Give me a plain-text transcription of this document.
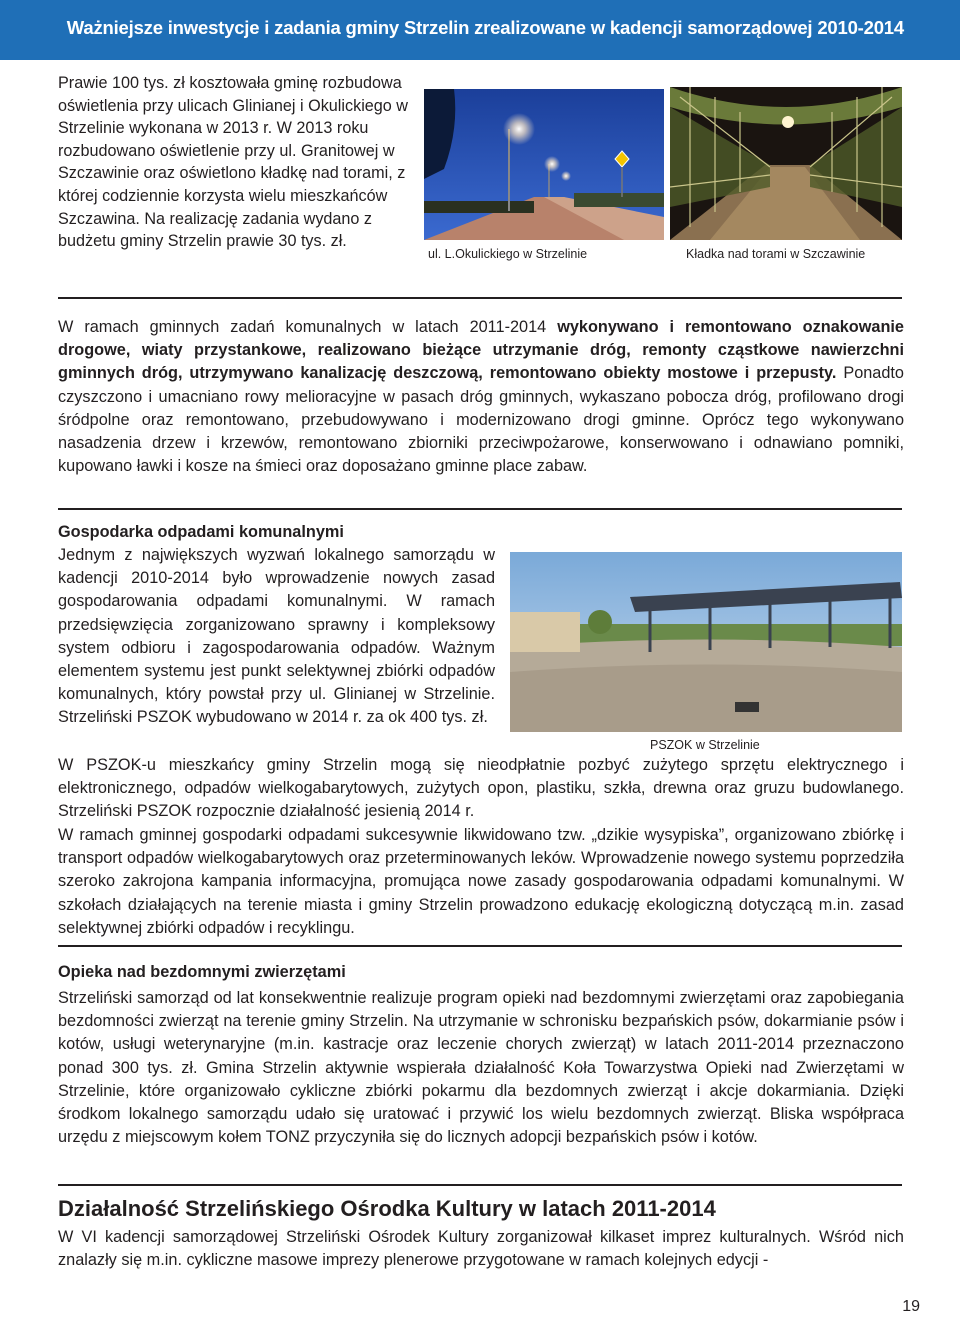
Ważniejsze inwestycje i zadania gminy Strzelin zrealizowane w kadencji samorządowej 2010-2014

Prawie 100 tys. zł kosztowała gminę rozbudowa oświetlenia przy ulicach Glinianej i Okulickiego w Strzelinie wykonana w 2013 r. W 2013 roku rozbudowano oświetlenie przy ul. Granitowej w Szczawinie oraz oświetlono kładkę nad torami, z której codziennie korzysta wielu mieszkańców Szczawina. Na realizację zadania wydano z budżetu gminy Strzelin prawie 30 tys. zł.

ul. L.Okulickiego w Strzelinie	Kładka nad torami w Szczawinie

W ramach gminnych zadań komunalnych w latach 2011-2014 wykonywano i remontowano oznakowanie drogowe, wiaty przystankowe, realizowano bieżące utrzymanie dróg, remonty cząstkowe nawierzchni gminnych dróg, utrzymywano kanalizację deszczową, remontowano obiekty mostowe i przepusty. Ponadto czyszczono i umacniano rowy melioracyjne w pasach dróg gminnych, wykaszano pobocza dróg, profilowano drogi śródpolne oraz remontowano, przebudowywano i modernizowano drogi gminne. Oprócz tego wykonywano nasadzenia drzew i krzewów, remontowano zbiorniki przeciwpożarowe, konserwowano i odnawiano pomniki, kupowano ławki i kosze na śmieci oraz doposażano gminne place zabaw.

Gospodarka odpadami komunalnymi

Jednym z największych wyzwań lokalnego samorządu w kadencji 2010-2014 było wprowadzenie nowych zasad gospodarowania odpadami komunalnymi. W ramach przedsięwzięcia zorganizowano sprawny i kompleksowy system odbioru i zagospodarowania odpadów. Ważnym elementem systemu jest punkt selektywnej zbiórki odpadów komunalnych, który powstał przy ul. Glinianej w Strzelinie. Strzeliński PSZOK wybudowano w 2014 r. za ok 400 tys. zł.

PSZOK w Strzelinie

W PSZOK-u mieszkańcy gminy Strzelin mogą się nieodpłatnie pozbyć zużytego sprzętu elektrycznego i elektronicznego, odpadów wielkogabarytowych, zużytych opon, plastiku, szkła, drewna oraz gruzu budowlanego. Strzeliński PSZOK rozpocznie działalność jesienią 2014 r.

W ramach gminnej gospodarki odpadami sukcesywnie likwidowano tzw. „dzikie wysypiska”, organizowano zbiórkę i transport odpadów wielkogabarytowych oraz przeterminowanych leków. Wprowadzenie nowego systemu poprzedziła szeroko zakrojona kampania informacyjna, promująca nowe zasady gospodarowania odpadami komunalnymi. W szkołach działających na terenie miasta i gminy Strzelin prowadzono edukację ekologiczną dotyczącą m.in. zasad selektywnej zbiórki odpadów i recyklingu.

Opieka nad bezdomnymi zwierzętami

Strzeliński samorząd od lat konsekwentnie realizuje program opieki nad bezdomnymi zwierzętami oraz zapobiegania bezdomności zwierząt na terenie gminy Strzelin. Na utrzymanie w schronisku bezpańskich psów, dokarmianie psów i kotów, usługi weterynaryjne (m.in. kastracje oraz leczenie chorych zwierząt) w latach 2011-2014 przeznaczono ponad 300 tys. zł. Gmina Strzelin aktywnie wspierała działalność Koła Towarzystwa Opieki nad Zwierzętami w Strzelinie, które organizowało cykliczne zbiórki pokarmu dla bezdomnych zwierząt i akcje dokarmiania. Dzięki środkom lokalnego samorządu udało się uratować i przywić los wielu bezdomnych zwierząt. Bliska współpraca urzędu z miejscowym kołem TONZ przyczyniła się do licznych adopcji bezpańskich psów i kotów.

Działalność Strzelińskiego Ośrodka Kultury w latach 2011-2014

W VI kadencji samorządowej Strzeliński Ośrodek Kultury zorganizował kilkaset imprez kulturalnych. Wśród nich znalazły się m.in. cykliczne masowe imprezy plenerowe przygotowane w ramach kolejnych edycji -

19
